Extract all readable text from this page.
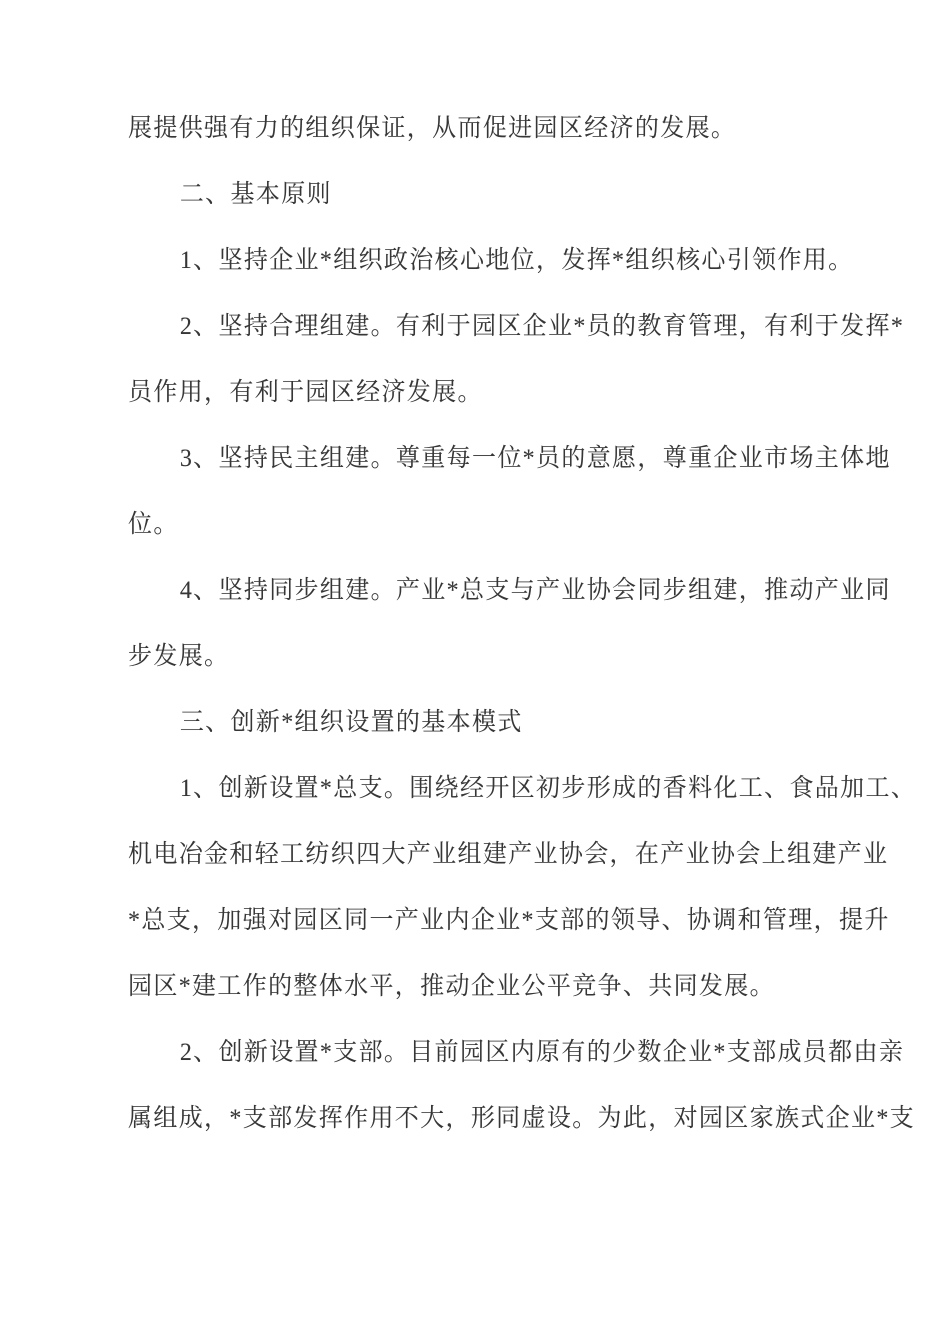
展提供强有力的组织保证，从而促进园区经济的发展。
二、基本原则
1、坚持企业*组织政治核心地位，发挥*组织核心引领作用。
2、坚持合理组建。有利于园区企业*员的教育管理，有利于发挥*
员作用，有利于园区经济发展。
3、坚持民主组建。尊重每一位*员的意愿，尊重企业市场主体地
位。
4、坚持同步组建。产业*总支与产业协会同步组建，推动产业同
步发展。
三、创新*组织设置的基本模式
1、创新设置*总支。围绕经开区初步形成的香料化工、食品加工、
机电冶金和轻工纺织四大产业组建产业协会，在产业协会上组建产业
*总支，加强对园区同一产业内企业*支部的领导、协调和管理，提升
园区*建工作的整体水平，推动企业公平竞争、共同发展。
2、创新设置*支部。目前园区内原有的少数企业*支部成员都由亲
属组成，*支部发挥作用不大，形同虚设。为此，对园区家族式企业*支
